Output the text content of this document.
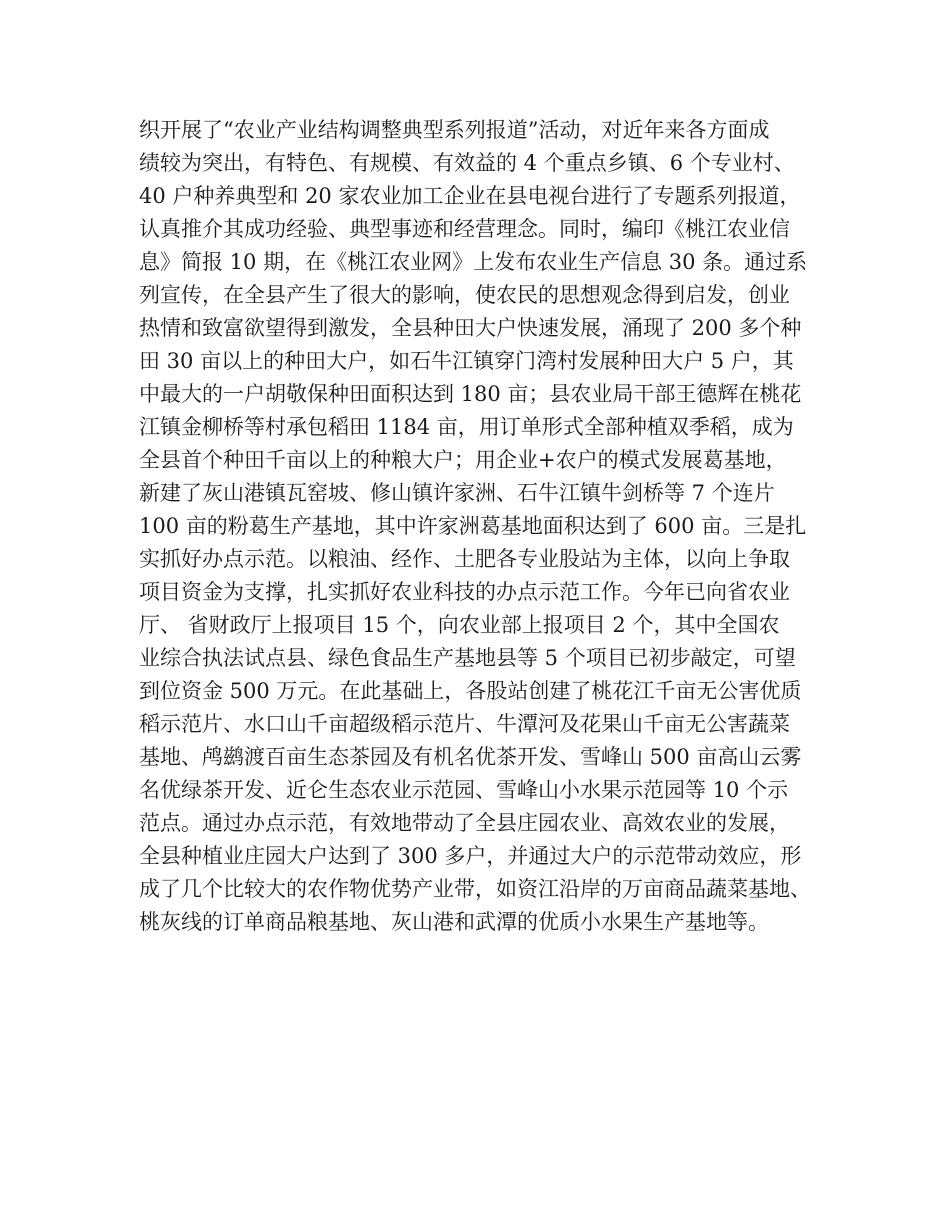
织开展了“农业产业结构调整典型系列报道”活动，对近年来各方面成
绩较为突出，有特色、有规模、有效益的 4 个重点乡镇、6 个专业村、
40 户种养典型和 20 家农业加工企业在县电视台进行了专题系列报道，
认真推介其成功经验、典型事迹和经营理念。同时，编印《桃江农业信
息》简报 10 期，在《桃江农业网》上发布农业生产信息 30 条。通过系
列宣传，在全县产生了很大的影响，使农民的思想观念得到启发，创业
热情和致富欲望得到激发，全县种田大户快速发展，涌现了 200 多个种
田 30 亩以上的种田大户，如石牛江镇穿门湾村发展种田大户 5 户，其
中最大的一户胡敬保种田面积达到 180 亩；县农业局干部王德辉在桃花
江镇金柳桥等村承包稻田 1184 亩，用订单形式全部种植双季稻，成为
全县首个种田千亩以上的种粮大户；用企业+农户的模式发展葛基地，
新建了灰山港镇瓦窑坡、修山镇许家洲、石牛江镇牛剑桥等 7 个连片
100 亩的粉葛生产基地，其中许家洲葛基地面积达到了 600 亩。三是扎
实抓好办点示范。以粮油、经作、土肥各专业股站为主体，以向上争取
项目资金为支撑，扎实抓好农业科技的办点示范工作。今年已向省农业
厅、 省财政厅上报项目 15 个，向农业部上报项目 2 个，其中全国农
业综合执法试点县、绿色食品生产基地县等 5 个项目已初步敲定，可望
到位资金 500 万元。在此基础上，各股站创建了桃花江千亩无公害优质
稻示范片、水口山千亩超级稻示范片、牛潭河及花果山千亩无公害蔬菜
基地、鸬鹚渡百亩生态茶园及有机名优茶开发、雪峰山 500 亩高山云雾
名优绿茶开发、近仑生态农业示范园、雪峰山小水果示范园等 10 个示
范点。通过办点示范，有效地带动了全县庄园农业、高效农业的发展，
全县种植业庄园大户达到了 300 多户，并通过大户的示范带动效应，形
成了几个比较大的农作物优势产业带，如资江沿岸的万亩商品蔬菜基地、
桃灰线的订单商品粮基地、灰山港和武潭的优质小水果生产基地等。
